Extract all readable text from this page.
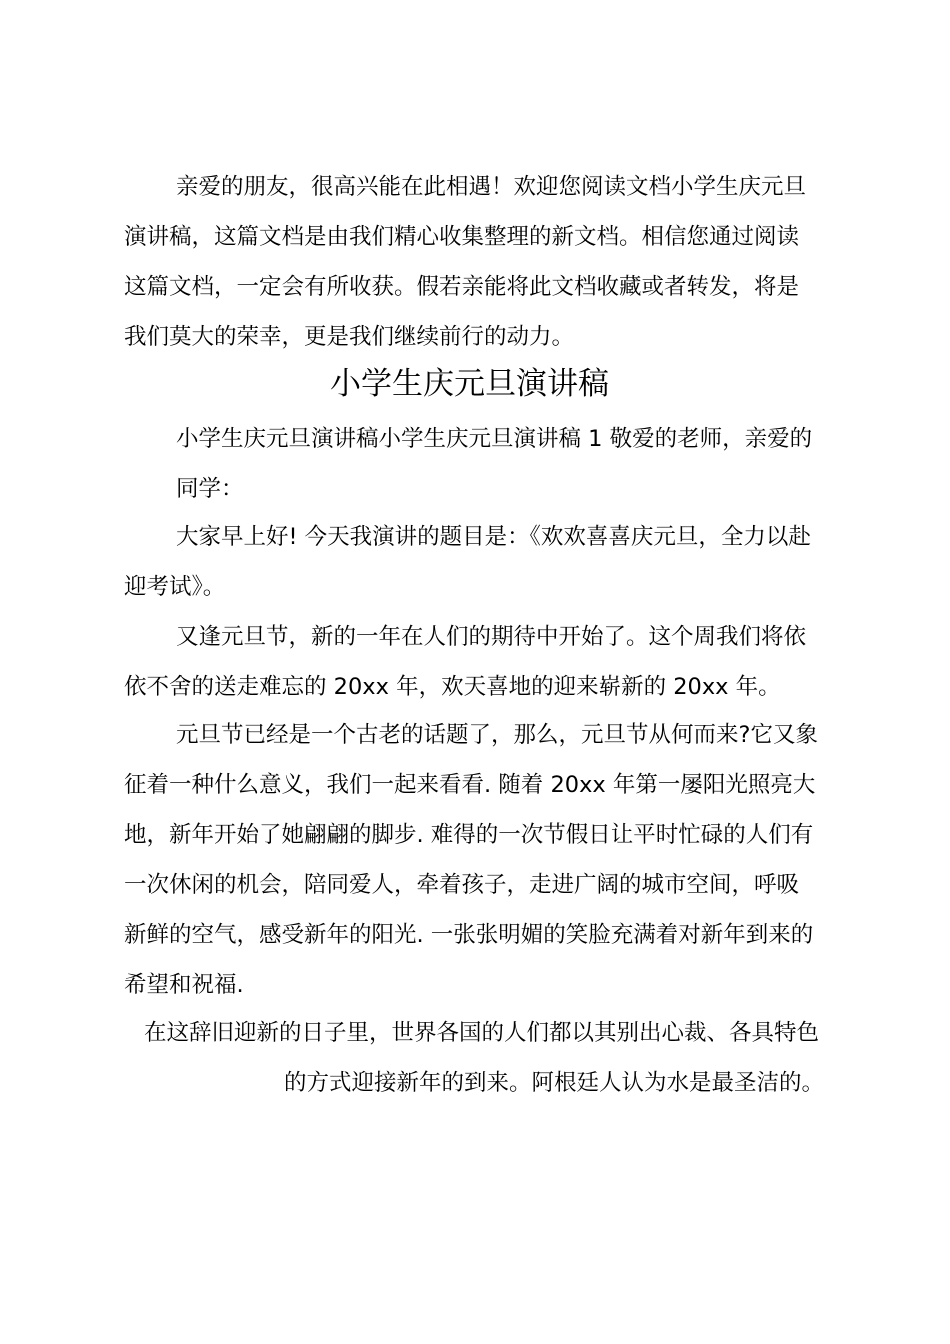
亲爱的朋友，很高兴能在此相遇！欢迎您阅读文档小学生庆元旦
演讲稿，这篇文档是由我们精心收集整理的新文档。相信您通过阅读
这篇文档，一定会有所收获。假若亲能将此文档收藏或者转发，将是
我们莫大的荣幸，更是我们继续前行的动力。
小学生庆元旦演讲稿
小学生庆元旦演讲稿小学生庆元旦演讲稿 1 敬爱的老师，亲爱的
同学：
大家早上好! 今天我演讲的题目是：《欢欢喜喜庆元旦，全力以赴
迎考试》。
又逢元旦节，新的一年在人们的期待中开始了。这个周我们将依
依不舍的送走难忘的 20xx 年，欢天喜地的迎来崭新的 20xx 年。
元旦节已经是一个古老的话题了，那么，元旦节从何而来?它又象
征着一种什么意义，我们一起来看看. 随着 20xx 年第一屡阳光照亮大
地，新年开始了她翩翩的脚步. 难得的一次节假日让平时忙碌的人们有
一次休闲的机会，陪同爱人，牵着孩子，走进广阔的城市空间，呼吸
新鲜的空气，感受新年的阳光. 一张张明媚的笑脸充满着对新年到来的
希望和祝福.
在这辞旧迎新的日子里，世界各国的人们都以其别出心裁、各具特色
的方式迎接新年的到来。阿根廷人认为水是最圣洁的。
